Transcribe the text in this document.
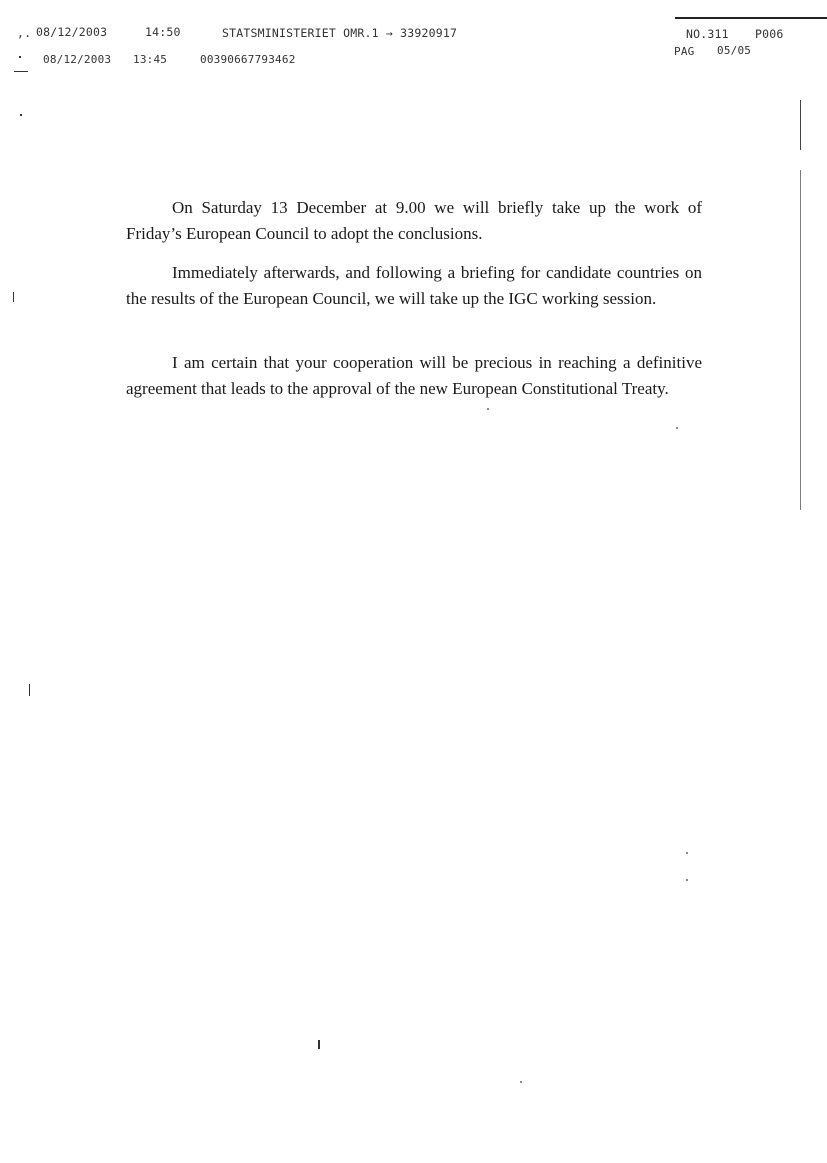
,. 08/12/2003	14:50	STATSMINISTERIET OMR.1 → 33920917	NO.311 P006
08/12/2003 13:45	00390667793462
PAG 05/05
On Saturday 13 December at 9.00 we will briefly take up the work of Friday’s European Council to adopt the conclusions.
Immediately afterwards, and following a briefing for candidate countries on the results of the European Council, we will take up the IGC working session.
I am certain that your cooperation will be precious in reaching a definitive agreement that leads to the approval of the new European Constitutional Treaty.
